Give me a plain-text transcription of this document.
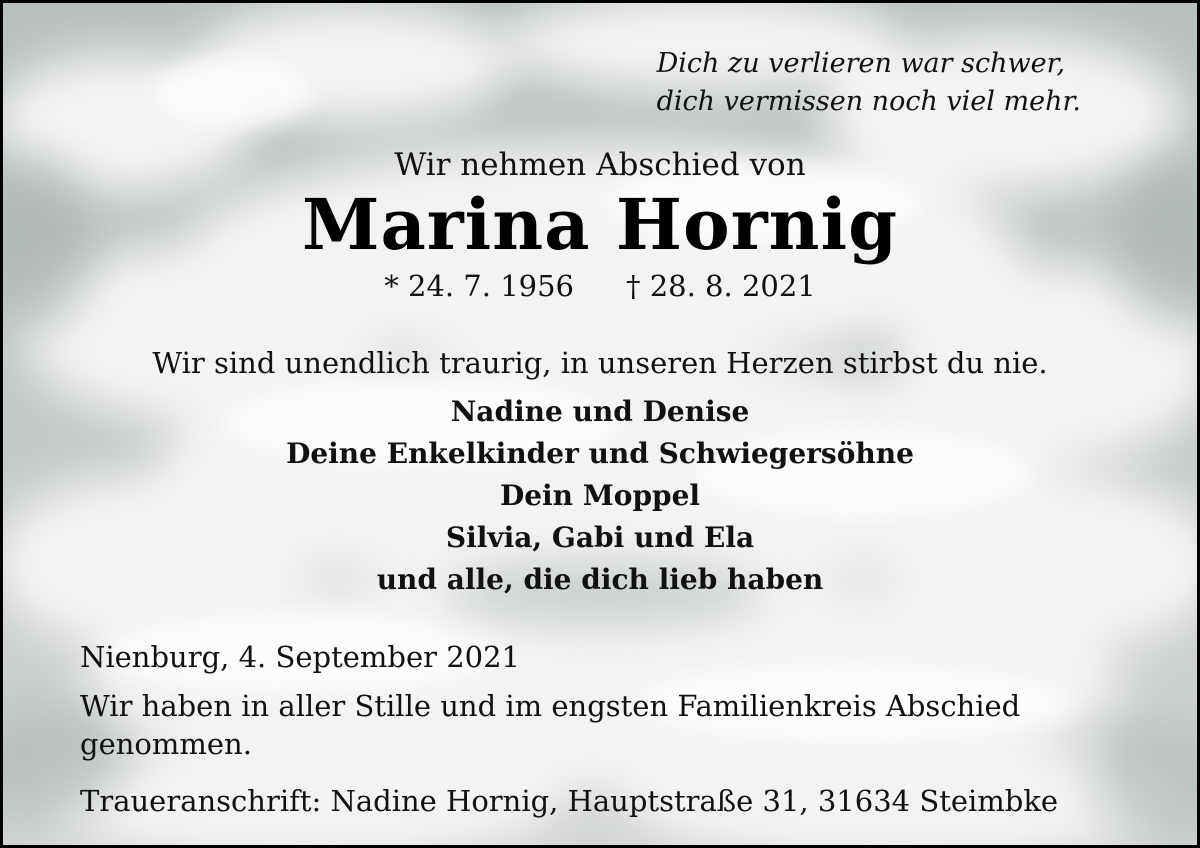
Dich zu verlieren war schwer,
dich vermissen noch viel mehr.
Wir nehmen Abschied von
Marina Hornig
* 24. 7. 1956 † 28. 8. 2021
Wir sind unendlich traurig, in unseren Herzen stirbst du nie.
Nadine und Denise
Deine Enkelkinder und Schwiegersöhne
Dein Moppel
Silvia, Gabi und Ela
und alle, die dich lieb haben
Nienburg, 4. September 2021
Wir haben in aller Stille und im engsten Familienkreis Abschied genommen.
Traueranschrift: Nadine Hornig, Hauptstraße 31, 31634 Steimbke
